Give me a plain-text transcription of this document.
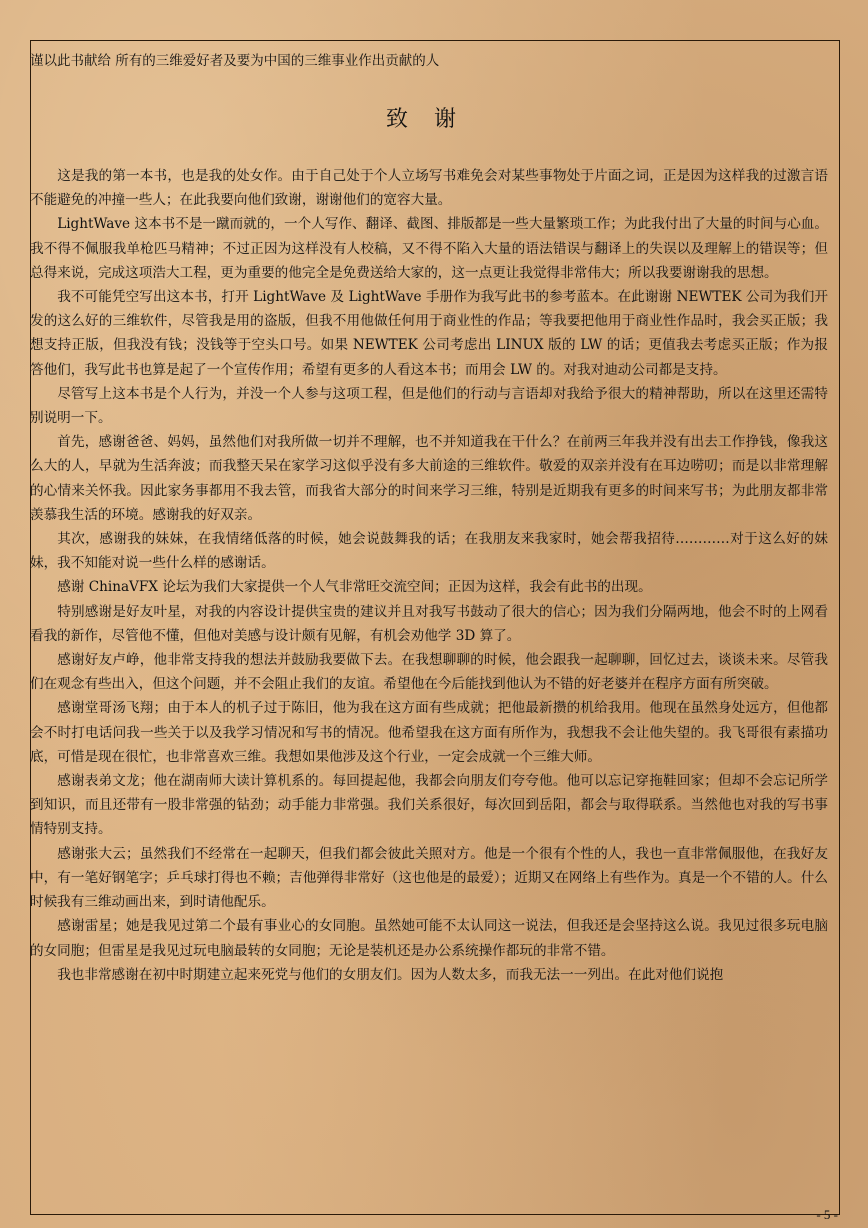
谨以此书献给 所有的三维爱好者及要为中国的三维事业作出贡献的人
致谢

这是我的第一本书，也是我的处女作。由于自己处于个人立场写书难免会对某些事物处于片面之词，正是因为这样我的过激言语不能避免的冲撞一些人；在此我要向他们致谢，谢谢他们的宽容大量。

LightWave 这本书不是一蹴而就的，一个人写作、翻译、截图、排版都是一些大量繁琐工作；为此我付出了大量的时间与心血。我不得不佩服我单枪匹马精神；不过正因为这样没有人校稿，又不得不陷入大量的语法错误与翻译上的失误以及理解上的错误等；但总得来说，完成这项浩大工程，更为重要的他完全是免费送给大家的，这一点更让我觉得非常伟大；所以我要谢谢我的思想。

我不可能凭空写出这本书，打开 LightWave 及 LightWave 手册作为我写此书的参考蓝本。在此谢谢 NEWTEK 公司为我们开发的这么好的三维软件，尽管我是用的盗版，但我不用他做任何用于商业性的作品；等我要把他用于商业性作品时，我会买正版；我想支持正版，但我没有钱；没钱等于空头口号。如果 NEWTEK 公司考虑出 LINUX 版的 LW 的话；更值我去考虑买正版；作为报答他们，我写此书也算是起了一个宣传作用；希望有更多的人看这本书；而用会 LW 的。对我对迪动公司都是支持。

尽管写上这本书是个人行为，并没一个人参与这项工程，但是他们的行动与言语却对我给予很大的精神帮助，所以在这里还需特别说明一下。

首先，感谢爸爸、妈妈，虽然他们对我所做一切并不理解，也不并知道我在干什么？在前两三年我并没有出去工作挣钱，像我这么大的人，早就为生活奔波；而我整天呆在家学习这似乎没有多大前途的三维软件。敬爱的双亲并没有在耳边唠叨；而是以非常理解的心情来关怀我。因此家务事都用不我去管，而我省大部分的时间来学习三维，特别是近期我有更多的时间来写书；为此朋友都非常羡慕我生活的环境。感谢我的好双亲。

其次，感谢我的妹妹，在我情绪低落的时候，她会说鼓舞我的话；在我朋友来我家时，她会帮我招待…………对于这么好的妹妹，我不知能对说一些什么样的感谢话。

感谢 ChinaVFX 论坛为我们大家提供一个人气非常旺交流空间；正因为这样，我会有此书的出现。

特别感谢是好友叶星，对我的内容设计提供宝贵的建议并且对我写书鼓动了很大的信心；因为我们分隔两地，他会不时的上网看看我的新作，尽管他不懂，但他对美感与设计颇有见解，有机会劝他学 3D 算了。

感谢好友卢峥，他非常支持我的想法并鼓励我要做下去。在我想聊聊的时候，他会跟我一起聊聊，回忆过去，谈谈未来。尽管我们在观念有些出入，但这个问题，并不会阻止我们的友谊。希望他在今后能找到他认为不错的好老婆并在程序方面有所突破。

感谢堂哥汤飞翔；由于本人的机子过于陈旧，他为我在这方面有些成就；把他最新攒的机给我用。他现在虽然身处远方，但他都会不时打电话问我一些关于以及我学习情况和写书的情况。他希望我在这方面有所作为，我想我不会让他失望的。我飞哥很有素描功底，可惜是现在很忙，也非常喜欢三维。我想如果他涉及这个行业，一定会成就一个三维大师。

感谢表弟文龙；他在湖南师大读计算机系的。每回提起他，我都会向朋友们夸夸他。他可以忘记穿拖鞋回家；但却不会忘记所学到知识，而且还带有一股非常强的钻劲；动手能力非常强。我们关系很好，每次回到岳阳，都会与取得联系。当然他也对我的写书事情特别支持。

感谢张大云；虽然我们不经常在一起聊天，但我们都会彼此关照对方。他是一个很有个性的人，我也一直非常佩服他，在我好友中，有一笔好钢笔字；乒乓球打得也不赖；吉他弹得非常好（这也他是的最爱）；近期又在网络上有些作为。真是一个不错的人。什么时候我有三维动画出来，到时请他配乐。

感谢雷星；她是我见过第二个最有事业心的女同胞。虽然她可能不太认同这一说法，但我还是会坚持这么说。我见过很多玩电脑的女同胞；但雷星是我见过玩电脑最转的女同胞；无论是装机还是办公系统操作都玩的非常不错。

我也非常感谢在初中时期建立起来死党与他们的女朋友们。因为人数太多，而我无法一一列出。在此对他们说抱

- 5 -
